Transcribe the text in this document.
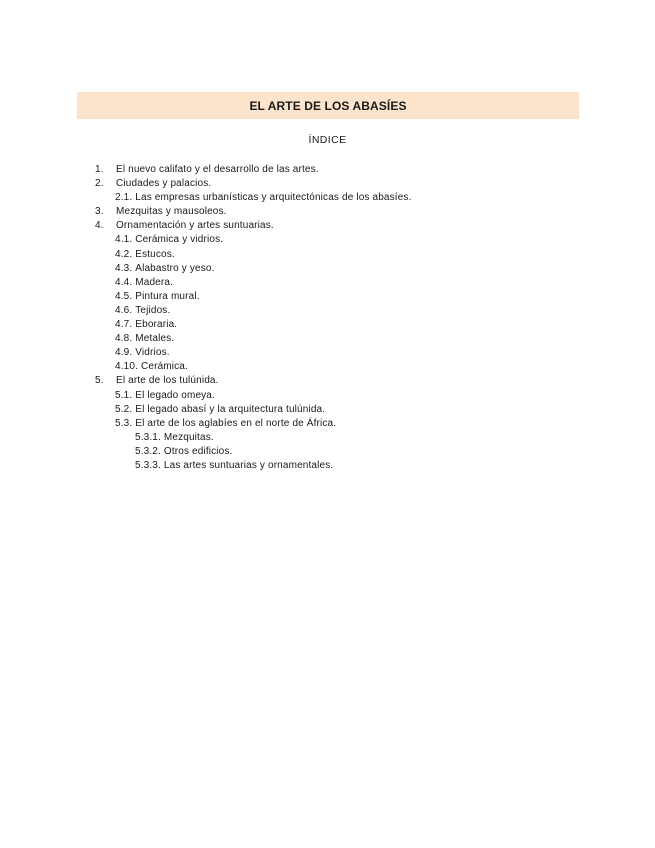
EL ARTE DE LOS ABASÍES
ÍNDICE
1.	El nuevo califato y el desarrollo de las artes.
2.	Ciudades y palacios.
2.1. Las empresas urbanísticas y arquitectónicas de los abasíes.
3.	Mezquitas y mausoleos.
4.	Ornamentación y artes suntuarias.
4.1. Cerámica y vidrios.
4.2. Estucos.
4.3. Alabastro y yeso.
4.4. Madera.
4.5. Pintura mural.
4.6. Tejidos.
4.7. Eboraria.
4.8. Metales.
4.9. Vidrios.
4.10. Cerámica.
5.	El arte de los tulúnida.
5.1. El legado omeya.
5.2. El legado abasí y la arquitectura tulúnida.
5.3. El arte de los aglabíes en el norte de África.
5.3.1. Mezquitas.
5.3.2. Otros edificios.
5.3.3. Las artes suntuarias y ornamentales.
